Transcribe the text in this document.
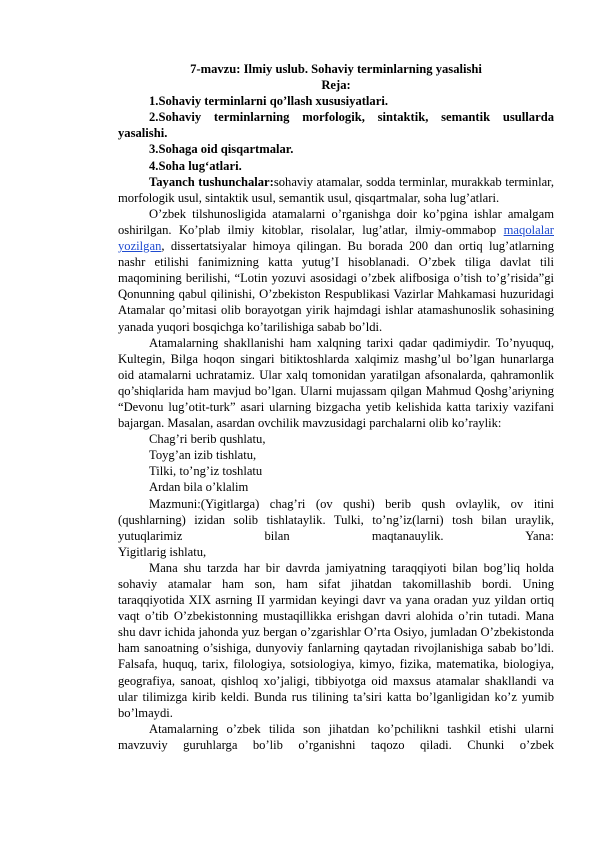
7-mavzu: Ilmiy uslub. Sohaviy terminlarning yasalishi

Reja:

1.Sohaviy terminlarni qo’llash xususiyatlari.

2.Sohaviy terminlarning morfologik, sintaktik, semantik usullarda yasalishi.

3.Sohaga oid qisqartmalar.

4.Soha lug‘atlari.

Tayanch tushunchalar:sohaviy atamalar, sodda terminlar, murakkab terminlar, morfologik usul, sintaktik usul, semantik usul, qisqartmalar, soha lug’atlari.

O’zbek tilshunosligida atamalarni o’rganishga doir ko’pgina ishlar amalgam oshirilgan. Ko’plab ilmiy kitoblar, risolalar, lug’atlar, ilmiy-ommabop maqolalar yozilgan, dissertatsiyalar himoya qilingan. Bu borada 200 dan ortiq lug’atlarning nashr etilishi fanimizning katta yutug’I hisoblanadi. O’zbek tiliga davlat tili maqomining berilishi, “Lotin yozuvi asosidagi o’zbek alifbosiga o’tish to’g’risida”gi Qonunning qabul qilinishi, O’zbekiston Respublikasi Vazirlar Mahkamasi huzuridagi Atamalar qo’mitasi olib borayotgan yirik hajmdagi ishlar atamashunoslik sohasining yanada yuqori bosqichga ko’tarilishiga sabab bo’ldi.

Atamalarning shakllanishi ham xalqning tarixi qadar qadimiydir. To’nyuquq, Kultegin, Bilga hoqon singari bitiktoshlarda xalqimiz mashg’ul bo’lgan hunarlarga oid atamalarni uchratamiz. Ular xalq tomonidan yaratilgan afsonalarda, qahramonlik qo’shiqlarida ham mavjud bo’lgan. Ularni mujassam qilgan Mahmud Qoshg’ariyning “Devonu lug’otit-turk” asari ularning bizgacha yetib kelishida katta tarixiy vazifani bajargan. Masalan, asardan ovchilik mavzusidagi parchalarni olib ko’raylik:

Chag’ri berib qushlatu,

Toyg’an izib tishlatu,

Tilki, to’ng’iz toshlatu

Ardan bila o’klalim

Mazmuni:(Yigitlarga) chag’ri (ov qushi) berib qush ovlaylik, ov itini (qushlarning) izidan solib tishlataylik. Tulki, to’ng’iz(larni) tosh bilan uraylik, yutuqlarimiz bilan maqtanauylik. Yana:

Yigitlarig ishlatu,

Mana shu tarzda har bir davrda jamiyatning taraqqiyoti bilan bog’liq holda sohaviy atamalar ham son, ham sifat jihatdan takomillashib bordi. Uning taraqqiyotida XIX asrning II yarmidan keyingi davr va yana oradan yuz yildan ortiq vaqt o’tib O’zbekistonning mustaqillikka erishgan davri alohida o’rin tutadi. Mana shu davr ichida jahonda yuz bergan o’zgarishlar O’rta Osiyo, jumladan O’zbekistonda ham sanoatning o’sishiga, dunyoviy fanlarning qaytadan rivojlanishiga sabab bo’ldi. Falsafa, huquq, tarix, filologiya, sotsiologiya, kimyo, fizika, matematika, biologiya, geografiya, sanoat, qishloq xo’jaligi, tibbiyotga oid maxsus atamalar shakllandi va ular tilimizga kirib keldi. Bunda rus tilining ta’siri katta bo’lganligidan ko’z yumib bo’lmaydi.

Atamalarning o’zbek tilida son jihatdan ko’pchilikni tashkil etishi ularni mavzuviy guruhlarga bo’lib o’rganishni taqozo qiladi. Chunki o’zbek
